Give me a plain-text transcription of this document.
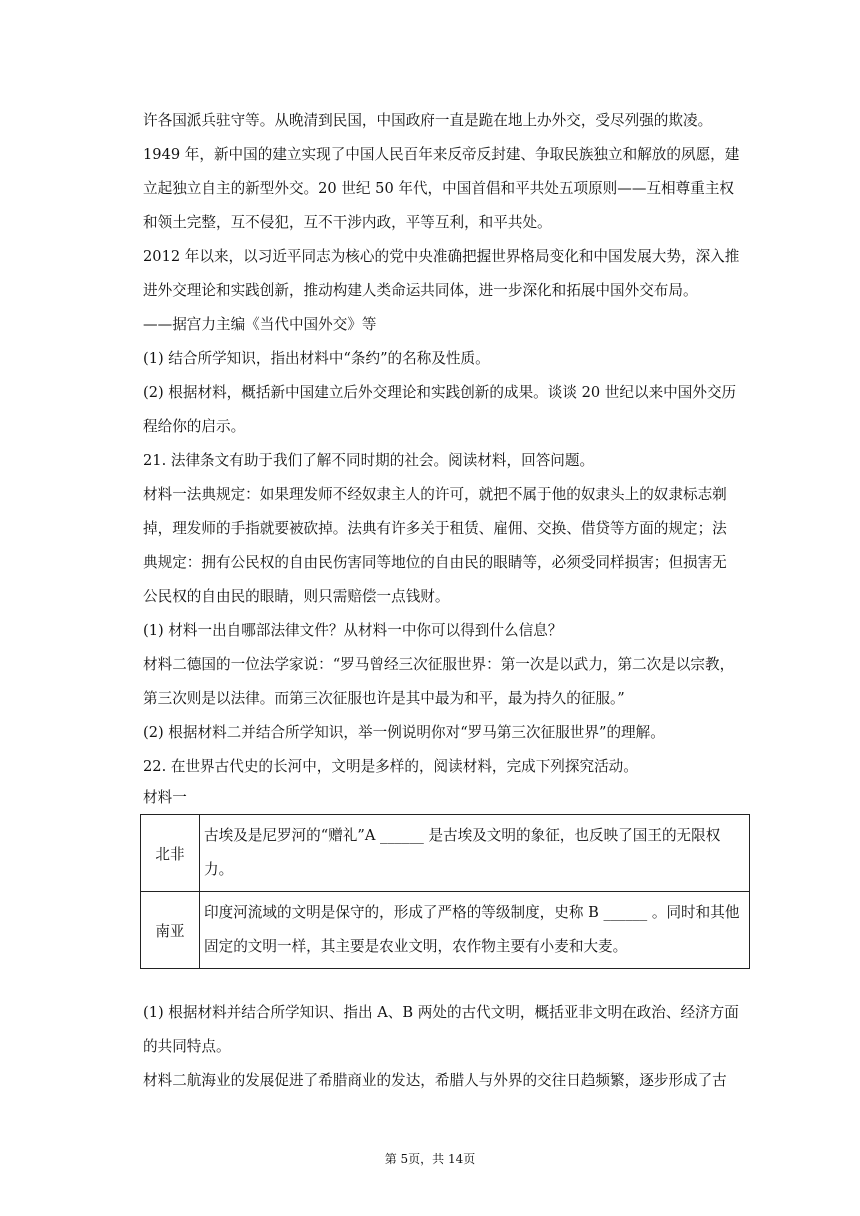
许各国派兵驻守等。从晚清到民国，中国政府一直是跪在地上办外交，受尽列强的欺凌。

1949 年，新中国的建立实现了中国人民百年来反帝反封建、争取民族独立和解放的夙愿，建

立起独立自主的新型外交。20 世纪 50 年代，中国首倡和平共处五项原则——互相尊重主权

和领土完整，互不侵犯，互不干涉内政，平等互利，和平共处。

2012 年以来，以习近平同志为核心的党中央准确把握世界格局变化和中国发展大势，深入推

进外交理论和实践创新，推动构建人类命运共同体，进一步深化和拓展中国外交布局。

——据宫力主编《当代中国外交》等

(1) 结合所学知识，指出材料中“条约”的名称及性质。

(2) 根据材料，概括新中国建立后外交理论和实践创新的成果。谈谈 20 世纪以来中国外交历

程给你的启示。

21. 法律条文有助于我们了解不同时期的社会。阅读材料，回答问题。

材料一法典规定：如果理发师不经奴隶主人的许可，就把不属于他的奴隶头上的奴隶标志剃

掉，理发师的手指就要被砍掉。法典有许多关于租赁、雇佣、交换、借贷等方面的规定；法

典规定：拥有公民权的自由民伤害同等地位的自由民的眼睛等，必须受同样损害；但损害无

公民权的自由民的眼睛，则只需赔偿一点钱财。

(1) 材料一出自哪部法律文件？从材料一中你可以得到什么信息？

材料二德国的一位法学家说：“罗马曾经三次征服世界：第一次是以武力，第二次是以宗教，

第三次则是以法律。而第三次征服也许是其中最为和平，最为持久的征服。”

(2) 根据材料二并结合所学知识，举一例说明你对“罗马第三次征服世界”的理解。

22. 在世界古代史的长河中，文明是多样的，阅读材料，完成下列探究活动。

材料一
北非	古埃及是尼罗河的“赠礼”A ______ 是古埃及文明的象征，也反映了国王的无限权
力。

南亚	印度河流域的文明是保守的，形成了严格的等级制度，史称 B ______ 。同时和其他
固定的文明一样，其主要是农业文明，农作物主要有小麦和大麦。

(1) 根据材料并结合所学知识、指出 A、B 两处的古代文明，概括亚非文明在政治、经济方面

的共同特点。

材料二航海业的发展促进了希腊商业的发达，希腊人与外界的交往日趋频繁，逐步形成了古

第 5页，共 14页
